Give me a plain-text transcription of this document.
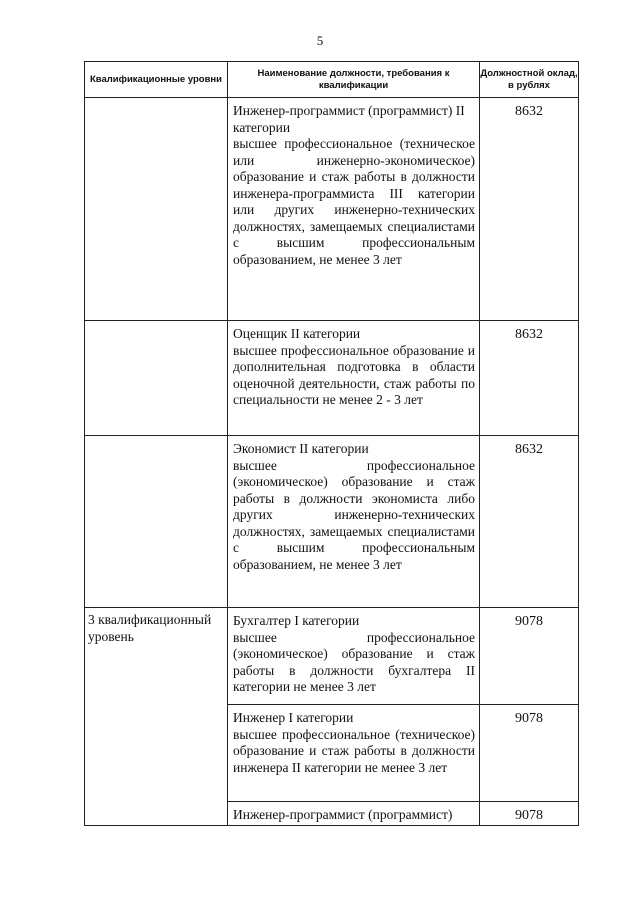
5
Квалификационные уровни	Наименование должности, требования к квалификации	Должностной оклад, в рублях

	Инженер-программист (программист) II категории
высшее профессиональное (техническое или инженерно-экономическое) образование и стаж работы в должности инженера-программиста III категории или других инженерно-технических должностях, замещаемых специалистами с высшим профессиональным образованием, не менее 3 лет	8632

	Оценщик II категории
высшее профессиональное образование и дополнительная подготовка в области оценочной деятельности, стаж работы по специальности не менее 2 - 3 лет	8632

	Экономист II категории
высшее профессиональное (экономическое) образование и стаж работы в должности экономиста либо других инженерно-технических должностях, замещаемых специалистами с высшим профессиональным образованием, не менее 3 лет	8632
3 квалификационный уровень	Бухгалтер I категории
высшее профессиональное (экономическое) образование и стаж работы в должности бухгалтера II категории не менее 3 лет	9078

	Инженер I категории
высшее профессиональное (техническое) образование и стаж работы в должности инженера II категории не менее 3 лет	9078

	Инженер-программист (программист)	9078
